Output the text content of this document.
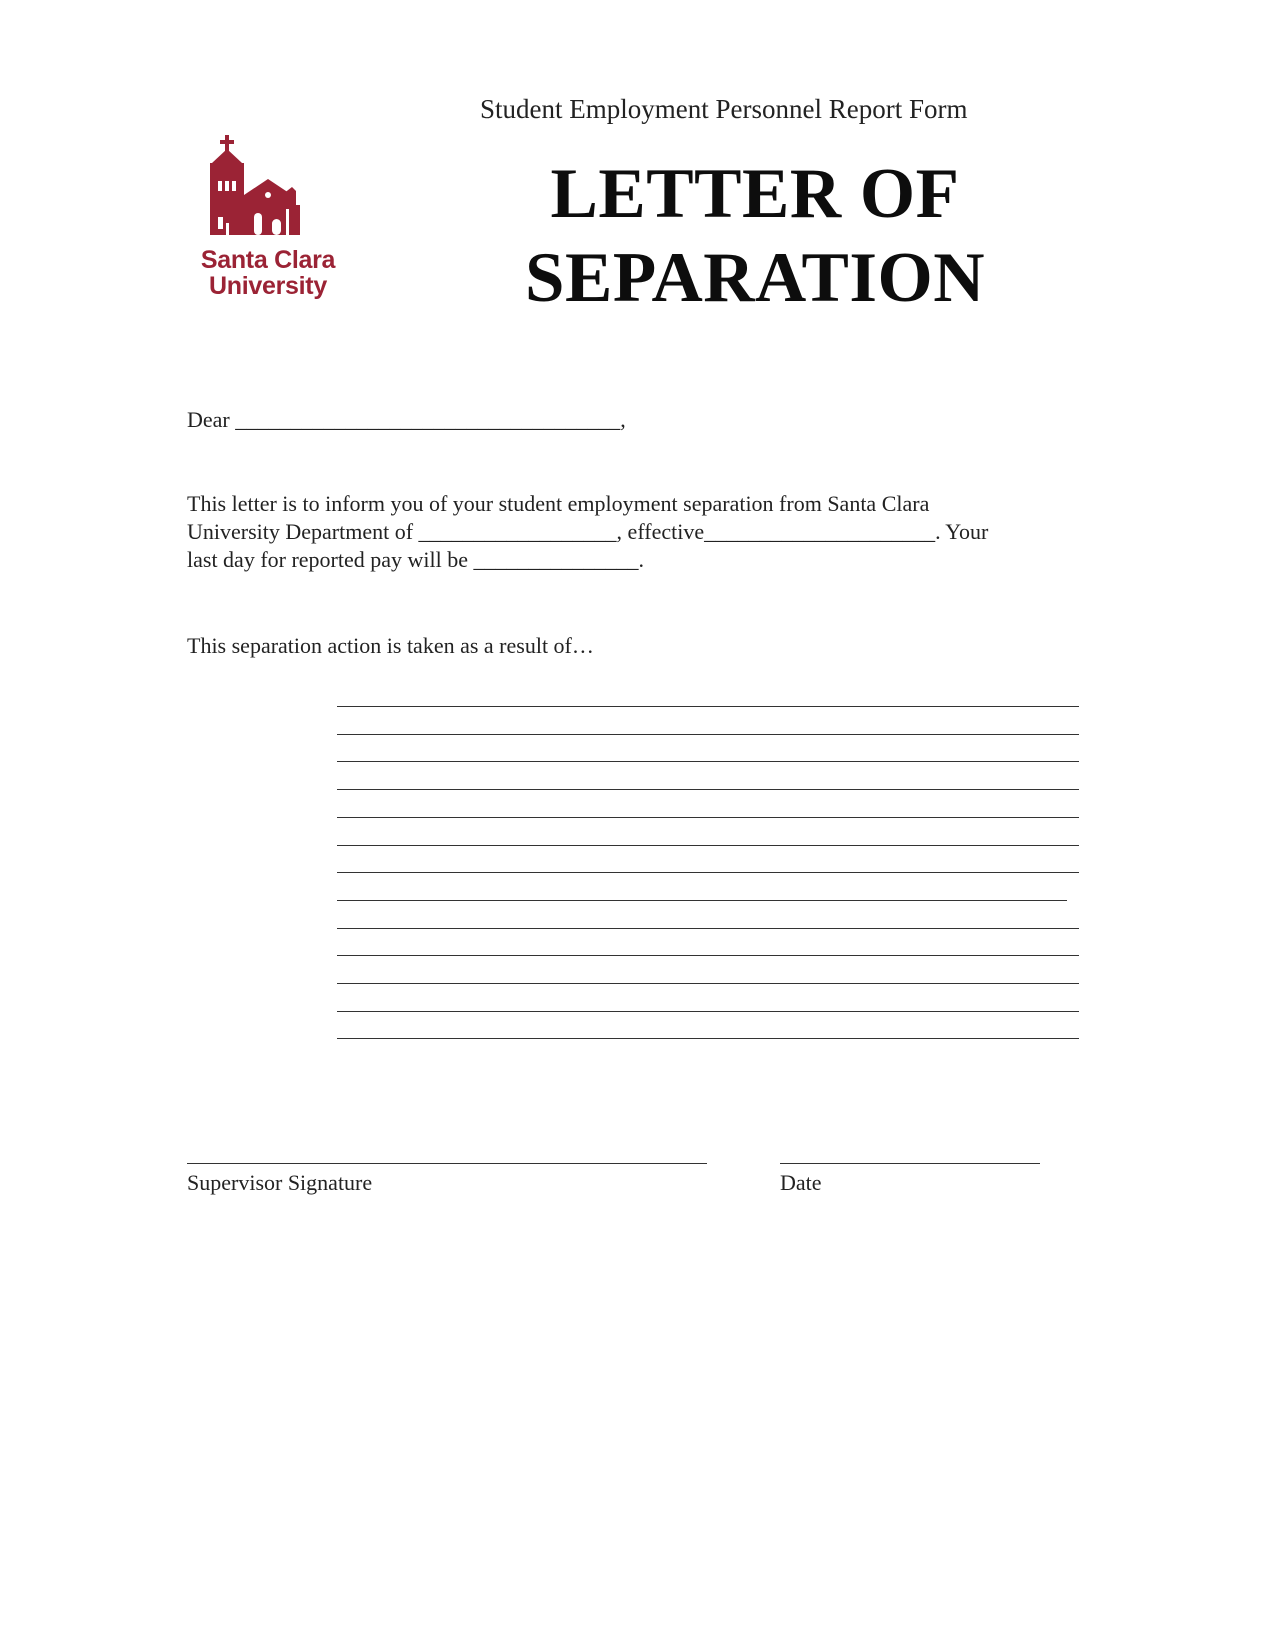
Santa Clara
University
Student Employment Personnel Report Form
LETTER OF
SEPARATION
Dear ___________________________________,
This letter is to inform you of your student employment separation from Santa Clara
University Department of __________________, effective_____________________. Your
last day for reported pay will be _______________.
This separation action is taken as a result of…
Supervisor Signature	Date
